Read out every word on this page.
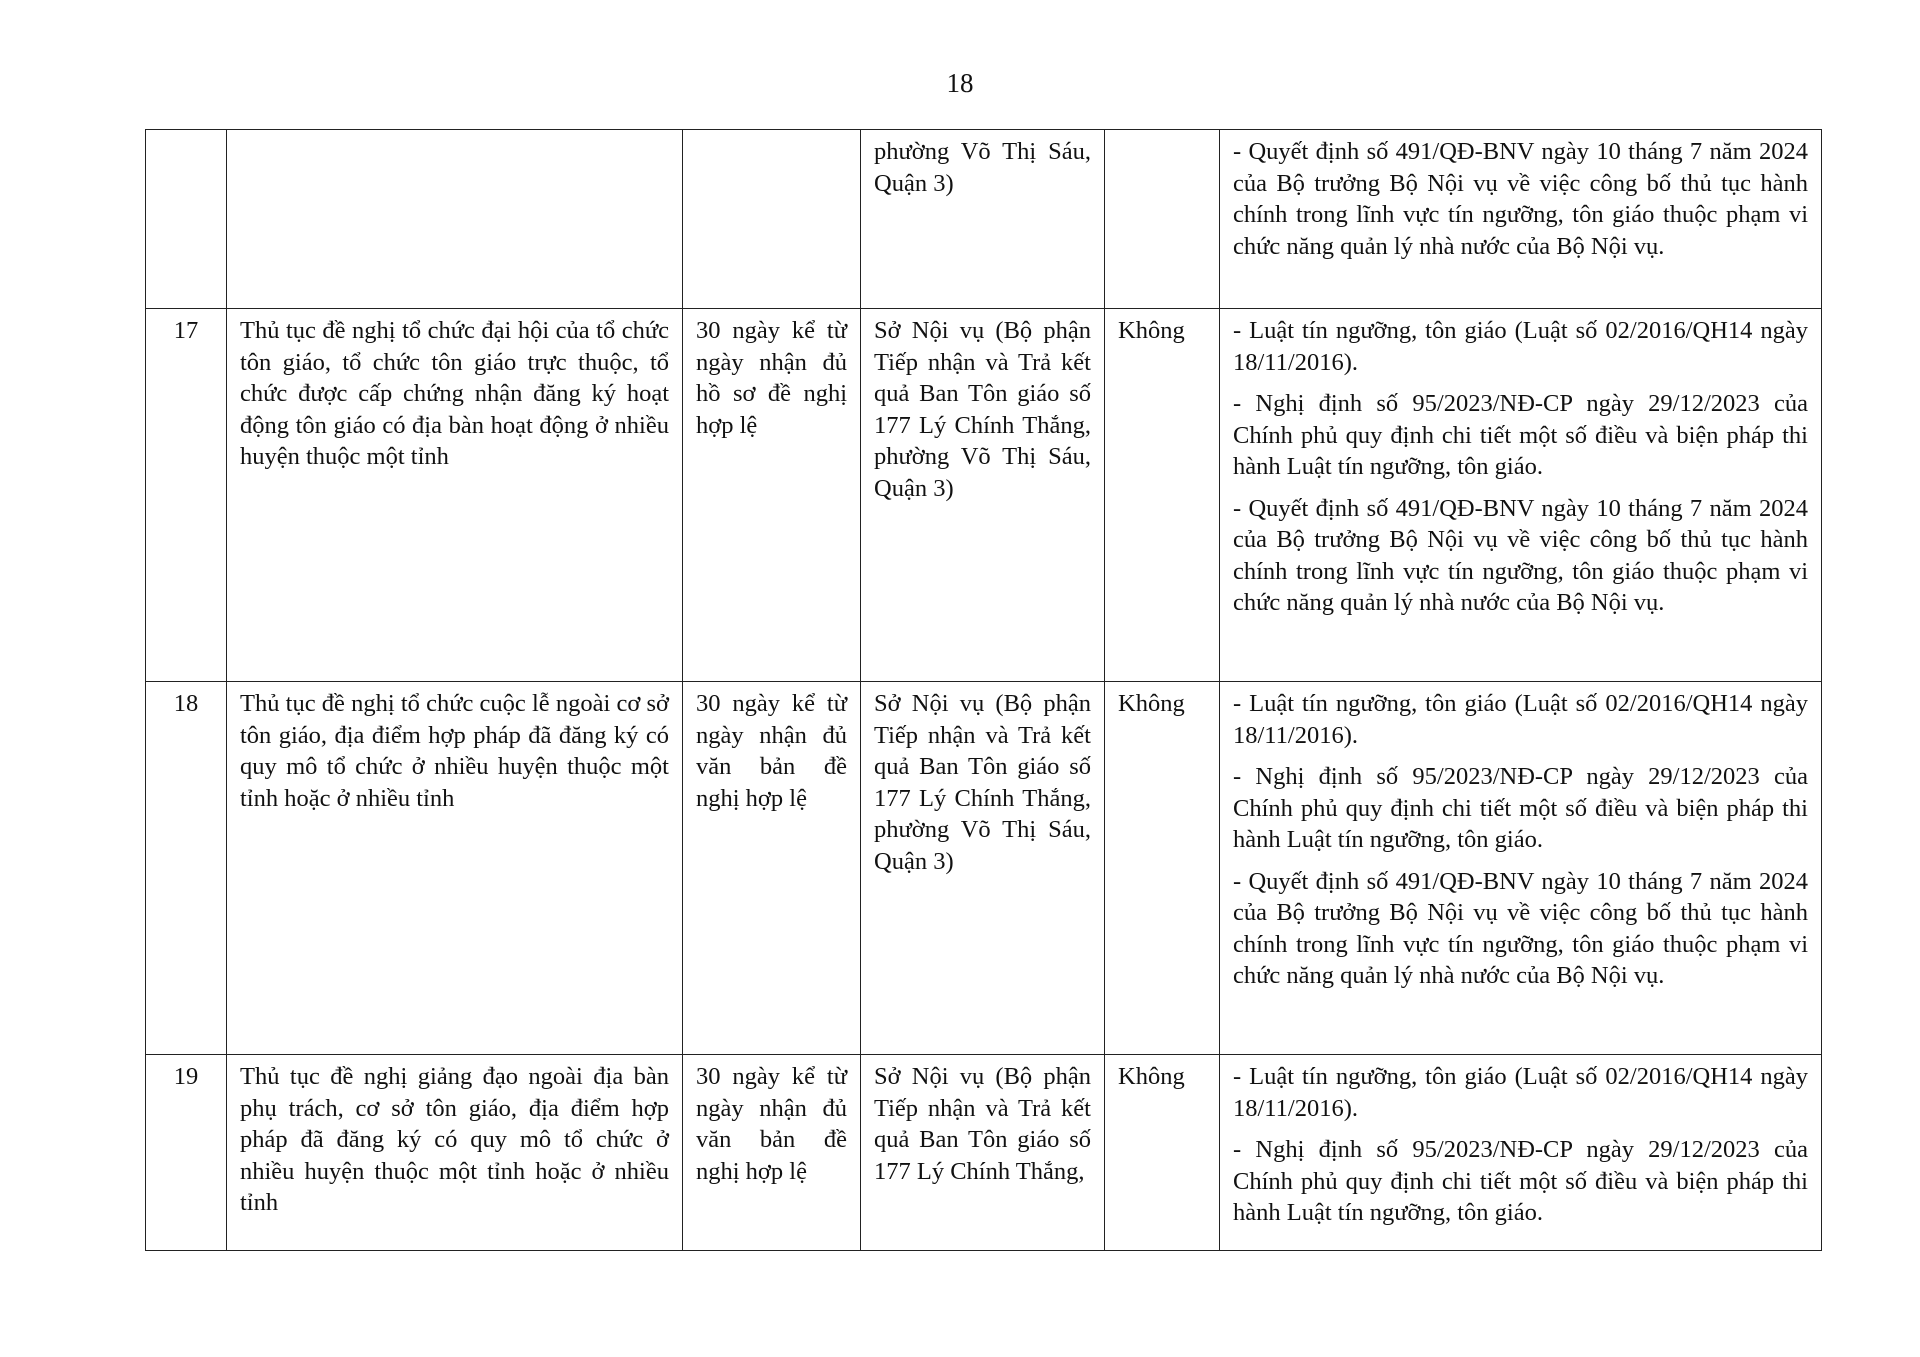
18
			phường Võ Thị Sáu, Quận 3)		- Quyết định số 491/QĐ-BNV ngày 10 tháng 7 năm 2024 của Bộ trưởng Bộ Nội vụ về việc công bố thủ tục hành chính trong lĩnh vực tín ngưỡng, tôn giáo thuộc phạm vi chức năng quản lý nhà nước của Bộ Nội vụ.

17	Thủ tục đề nghị tổ chức đại hội của tổ chức tôn giáo, tổ chức tôn giáo trực thuộc, tổ chức được cấp chứng nhận đăng ký hoạt động tôn giáo có địa bàn hoạt động ở nhiều huyện thuộc một tỉnh	30 ngày kể từ ngày nhận đủ hồ sơ đề nghị hợp lệ	Sở Nội vụ (Bộ phận Tiếp nhận và Trả kết quả Ban Tôn giáo số 177 Lý Chính Thắng, phường Võ Thị Sáu, Quận 3)	Không	- Luật tín ngưỡng, tôn giáo (Luật số 02/2016/QH14 ngày 18/11/2016).

- Nghị định số 95/2023/NĐ-CP ngày 29/12/2023 của Chính phủ quy định chi tiết một số điều và biện pháp thi hành Luật tín ngưỡng, tôn giáo.

- Quyết định số 491/QĐ-BNV ngày 10 tháng 7 năm 2024 của Bộ trưởng Bộ Nội vụ về việc công bố thủ tục hành chính trong lĩnh vực tín ngưỡng, tôn giáo thuộc phạm vi chức năng quản lý nhà nước của Bộ Nội vụ.

18	Thủ tục đề nghị tổ chức cuộc lễ ngoài cơ sở tôn giáo, địa điểm hợp pháp đã đăng ký có quy mô tổ chức ở nhiều huyện thuộc một tỉnh hoặc ở nhiều tỉnh	30 ngày kể từ ngày nhận đủ văn bản đề nghị hợp lệ	Sở Nội vụ (Bộ phận Tiếp nhận và Trả kết quả Ban Tôn giáo số 177 Lý Chính Thắng, phường Võ Thị Sáu, Quận 3)	Không	- Luật tín ngưỡng, tôn giáo (Luật số 02/2016/QH14 ngày 18/11/2016).

- Nghị định số 95/2023/NĐ-CP ngày 29/12/2023 của Chính phủ quy định chi tiết một số điều và biện pháp thi hành Luật tín ngưỡng, tôn giáo.

- Quyết định số 491/QĐ-BNV ngày 10 tháng 7 năm 2024 của Bộ trưởng Bộ Nội vụ về việc công bố thủ tục hành chính trong lĩnh vực tín ngưỡng, tôn giáo thuộc phạm vi chức năng quản lý nhà nước của Bộ Nội vụ.

19	Thủ tục đề nghị giảng đạo ngoài địa bàn phụ trách, cơ sở tôn giáo, địa điểm hợp pháp đã đăng ký có quy mô tổ chức ở nhiều huyện thuộc một tỉnh hoặc ở nhiều tỉnh	30 ngày kể từ ngày nhận đủ văn bản đề nghị hợp lệ	Sở Nội vụ (Bộ phận Tiếp nhận và Trả kết quả Ban Tôn giáo số 177 Lý Chính Thắng,	Không	- Luật tín ngưỡng, tôn giáo (Luật số 02/2016/QH14 ngày 18/11/2016).

- Nghị định số 95/2023/NĐ-CP ngày 29/12/2023 của Chính phủ quy định chi tiết một số điều và biện pháp thi hành Luật tín ngưỡng, tôn giáo.
